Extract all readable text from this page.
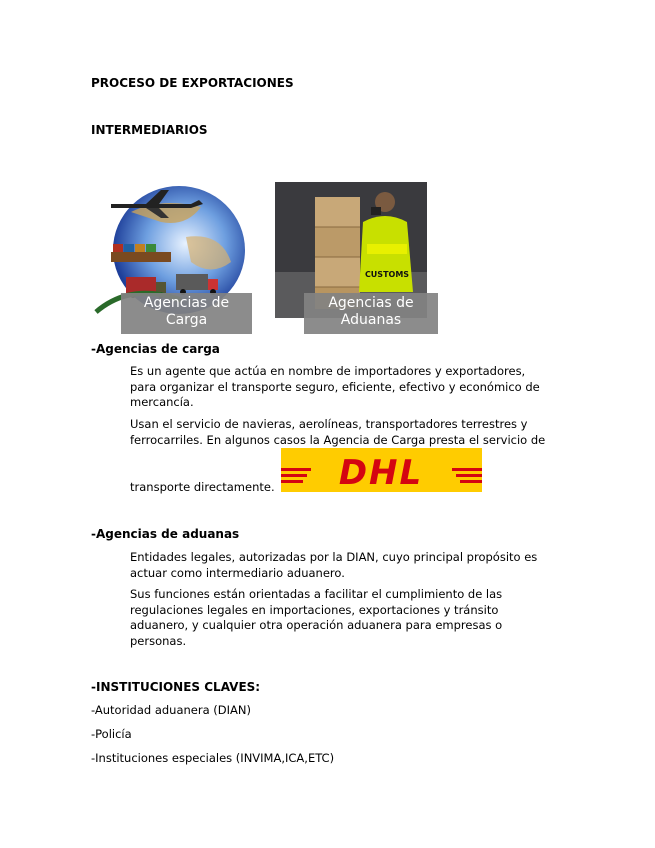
PROCESO DE EXPORTACIONES
INTERMEDIARIOS
Agencias de
Carga
CUSTOMS
Agencias de
Aduanas
-Agencias de carga
Es un agente que actúa en nombre de importadores y exportadores,
para organizar el transporte seguro, eficiente, efectivo y económico de
mercancía.
Usan el servicio de navieras, aerolíneas, transportadores terrestres y
ferrocarriles. En algunos casos la Agencia de Carga presta el servicio de
transporte directamente. DHL
-Agencias de aduanas
Entidades legales, autorizadas por la DIAN, cuyo principal propósito es
actuar como intermediario aduanero.
Sus funciones están orientadas a facilitar el cumplimiento de las
regulaciones legales en importaciones, exportaciones y tránsito
aduanero, y cualquier otra operación aduanera para empresas o
personas.
-INSTITUCIONES CLAVES:
-Autoridad aduanera (DIAN)
-Policía
-Instituciones especiales (INVIMA,ICA,ETC)
